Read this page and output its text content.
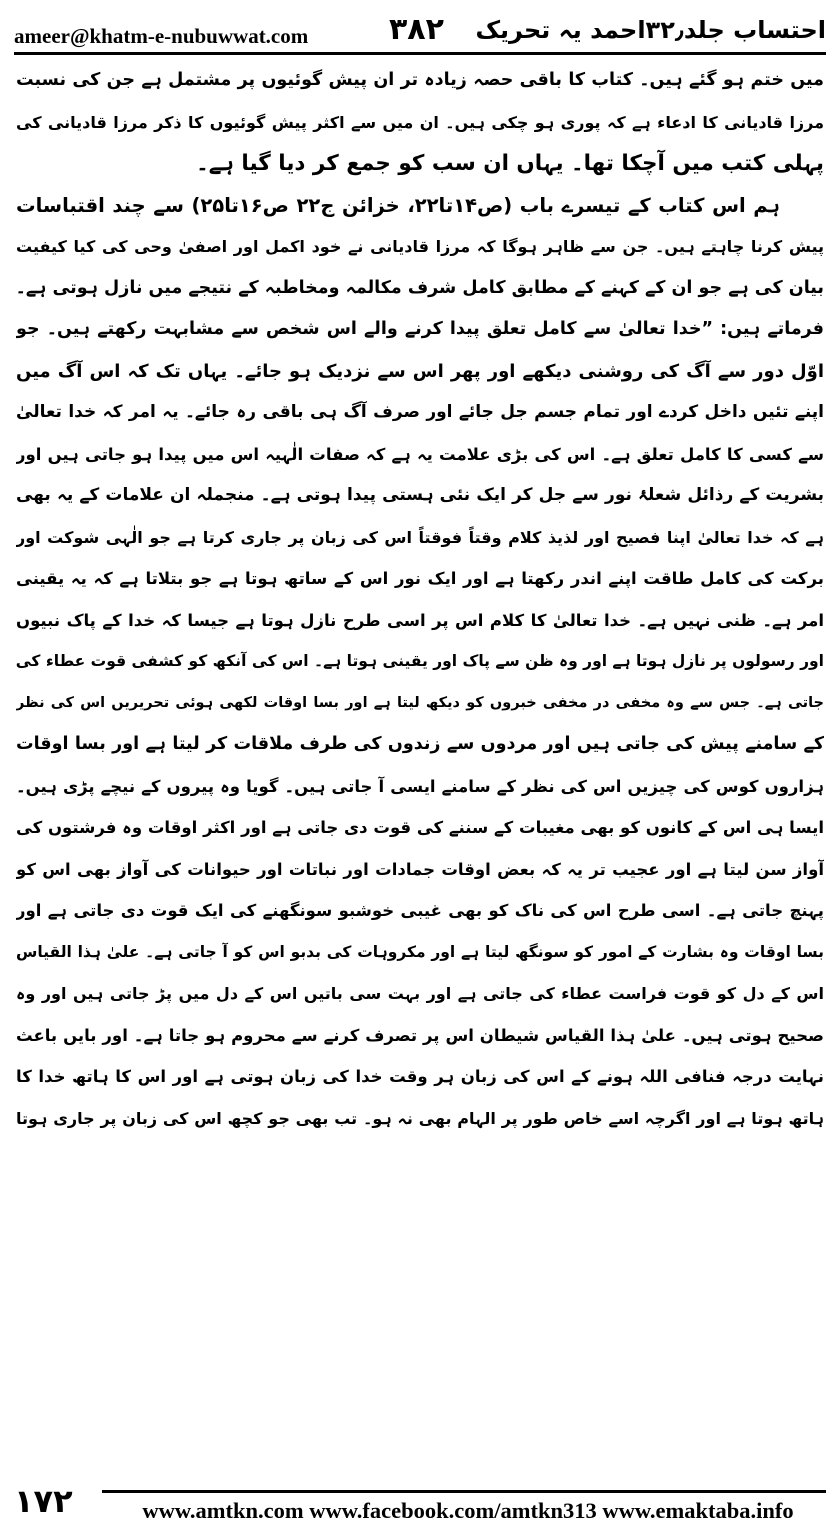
ameer@khatm-e-nubuwwat.com	۳۸۲ احتساب جلد۳۲٫احمد یہ تحریک
میں ختم ہو گئے ہیں۔ کتاب کا باقی حصہ زیادہ تر ان پیش گوئیوں پر مشتمل ہے جن کی نسبت
مرزا قادیانی کا ادعاء ہے کہ پوری ہو چکی ہیں۔ ان میں سے اکثر پیش گوئیوں کا ذکر مرزا قادیانی کی
پہلی کتب میں آچکا تھا۔ یہاں ان سب کو جمع کر دیا گیا ہے۔
ہم اس کتاب کے تیسرے باب (ص۱۴تا۲۲، خزائن ج۲۲ ص۱۶تا۲۵) سے چند اقتباسات
پیش کرنا چاہتے ہیں۔ جن سے ظاہر ہوگا کہ مرزا قادیانی نے خود اکمل اور اصفیٰ وحی کی کیا کیفیت
بیان کی ہے جو ان کے کہنے کے مطابق کامل شرف مکالمہ ومخاطبہ کے نتیجے میں نازل ہوتی ہے۔
فرماتے ہیں: ”خدا تعالیٰ سے کامل تعلق پیدا کرنے والے اس شخص سے مشابہت رکھتے ہیں۔ جو
اوّل دور سے آگ کی روشنی دیکھے اور پھر اس سے نزدیک ہو جائے۔ یہاں تک کہ اس آگ میں
اپنے تئیں داخل کردے اور تمام جسم جل جائے اور صرف آگ ہی باقی رہ جائے۔ یہ امر کہ خدا تعالیٰ
سے کسی کا کامل تعلق ہے۔ اس کی بڑی علامت یہ ہے کہ صفات الٰہیہ اس میں پیدا ہو جاتی ہیں اور
بشریت کے رذائل شعلۂ نور سے جل کر ایک نئی ہستی پیدا ہوتی ہے۔ منجملہ ان علامات کے یہ بھی
ہے کہ خدا تعالیٰ اپنا فصیح اور لذیذ کلام وقتاً فوقتاً اس کی زبان پر جاری کرتا ہے جو الٰہی شوکت اور
برکت کی کامل طاقت اپنے اندر رکھتا ہے اور ایک نور اس کے ساتھ ہوتا ہے جو بتلاتا ہے کہ یہ یقینی
امر ہے۔ ظنی نہیں ہے۔ خدا تعالیٰ کا کلام اس پر اسی طرح نازل ہوتا ہے جیسا کہ خدا کے پاک نبیوں
اور رسولوں پر نازل ہوتا ہے اور وہ ظن سے پاک اور یقینی ہوتا ہے۔ اس کی آنکھ کو کشفی قوت عطاء کی
جاتی ہے۔ جس سے وہ مخفی در مخفی خبروں کو دیکھ لیتا ہے اور بسا اوقات لکھی ہوئی تحریریں اس کی نظر
کے سامنے پیش کی جاتی ہیں اور مردوں سے زندوں کی طرف ملاقات کر لیتا ہے اور بسا اوقات
ہزاروں کوس کی چیزیں اس کی نظر کے سامنے ایسی آ جاتی ہیں۔ گویا وہ پیروں کے نیچے پڑی ہیں۔
ایسا ہی اس کے کانوں کو بھی مغیبات کے سننے کی قوت دی جاتی ہے اور اکثر اوقات وہ فرشتوں کی
آواز سن لیتا ہے اور عجیب تر یہ کہ بعض اوقات جمادات اور نباتات اور حیوانات کی آواز بھی اس کو
پہنچ جاتی ہے۔ اسی طرح اس کی ناک کو بھی غیبی خوشبو سونگھنے کی ایک قوت دی جاتی ہے اور
بسا اوقات وہ بشارت کے امور کو سونگھ لیتا ہے اور مکروہات کی بدبو اس کو آ جاتی ہے۔ علیٰ ہذا القیاس
اس کے دل کو قوت فراست عطاء کی جاتی ہے اور بہت سی باتیں اس کے دل میں پڑ جاتی ہیں اور وہ
صحیح ہوتی ہیں۔ علیٰ ہذا القیاس شیطان اس پر تصرف کرنے سے محروم ہو جاتا ہے۔ اور بایں باعث
نہایت درجہ فنافی اللہ ہونے کے اس کی زبان ہر وقت خدا کی زبان ہوتی ہے اور اس کا ہاتھ خدا کا
ہاتھ ہوتا ہے اور اگرچہ اسے خاص طور پر الہام بھی نہ ہو۔ تب بھی جو کچھ اس کی زبان پر جاری ہوتا
۱۷۲	www.amtkn.com www.facebook.com/amtkn313 www.emaktaba.info
